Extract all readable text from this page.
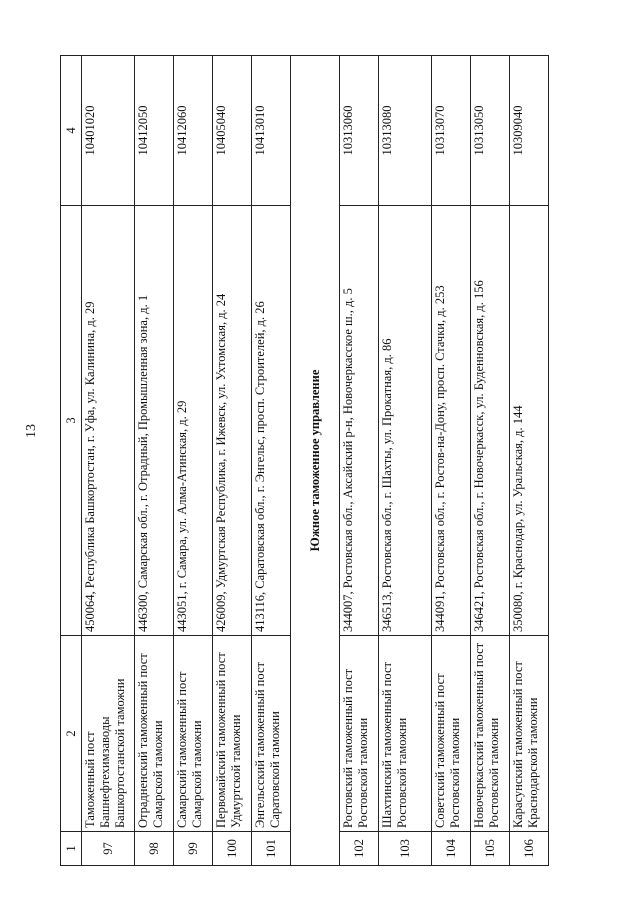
13
1	2	3	4
97	Таможенный пост Башнефтехимзаводы Башкортостанской таможни	450064, Республика Башкортостан, г. Уфа, ул. Калинина, д. 29	10401020
98	Отрадненский таможенный пост Самарской таможни	446300, Самарская обл., г. Отрадный, Промышленная зона, д. 1	10412050
99	Самарский таможенный пост Самарской таможни	443051, г. Самара, ул. Алма-Атинская, д. 29	10412060
100	Первомайский таможенный пост Удмуртской таможни	426009, Удмуртская Республика, г. Ижевск, ул. Ухтомская, д. 24	10405040
101	Энгельсский таможенный пост Саратовской таможни	413116, Саратовская обл., г. Энгельс, просп. Строителей, д. 26	10413010
Южное таможенное управление			
102	Ростовский таможенный пост Ростовской таможни	344007, Ростовская обл., Аксайский р-н, Новочеркасское ш., д. 5	10313060
103	Шахтинский таможенный пост Ростовской таможни	346513, Ростовская обл., г. Шахты, ул. Прокатная, д. 86	10313080
104	Советский таможенный пост Ростовской таможни	344091, Ростовская обл., г. Ростов-на-Дону, просп. Стачки, д. 253	10313070
105	Новочеркасский таможенный пост Ростовской таможни	346421, Ростовская обл., г. Новочеркасск, ул. Буденновская, д. 156	10313050
106	Карасунский таможенный пост Краснодарской таможни	350080, г. Краснодар, ул. Уральская, д. 144	10309040
